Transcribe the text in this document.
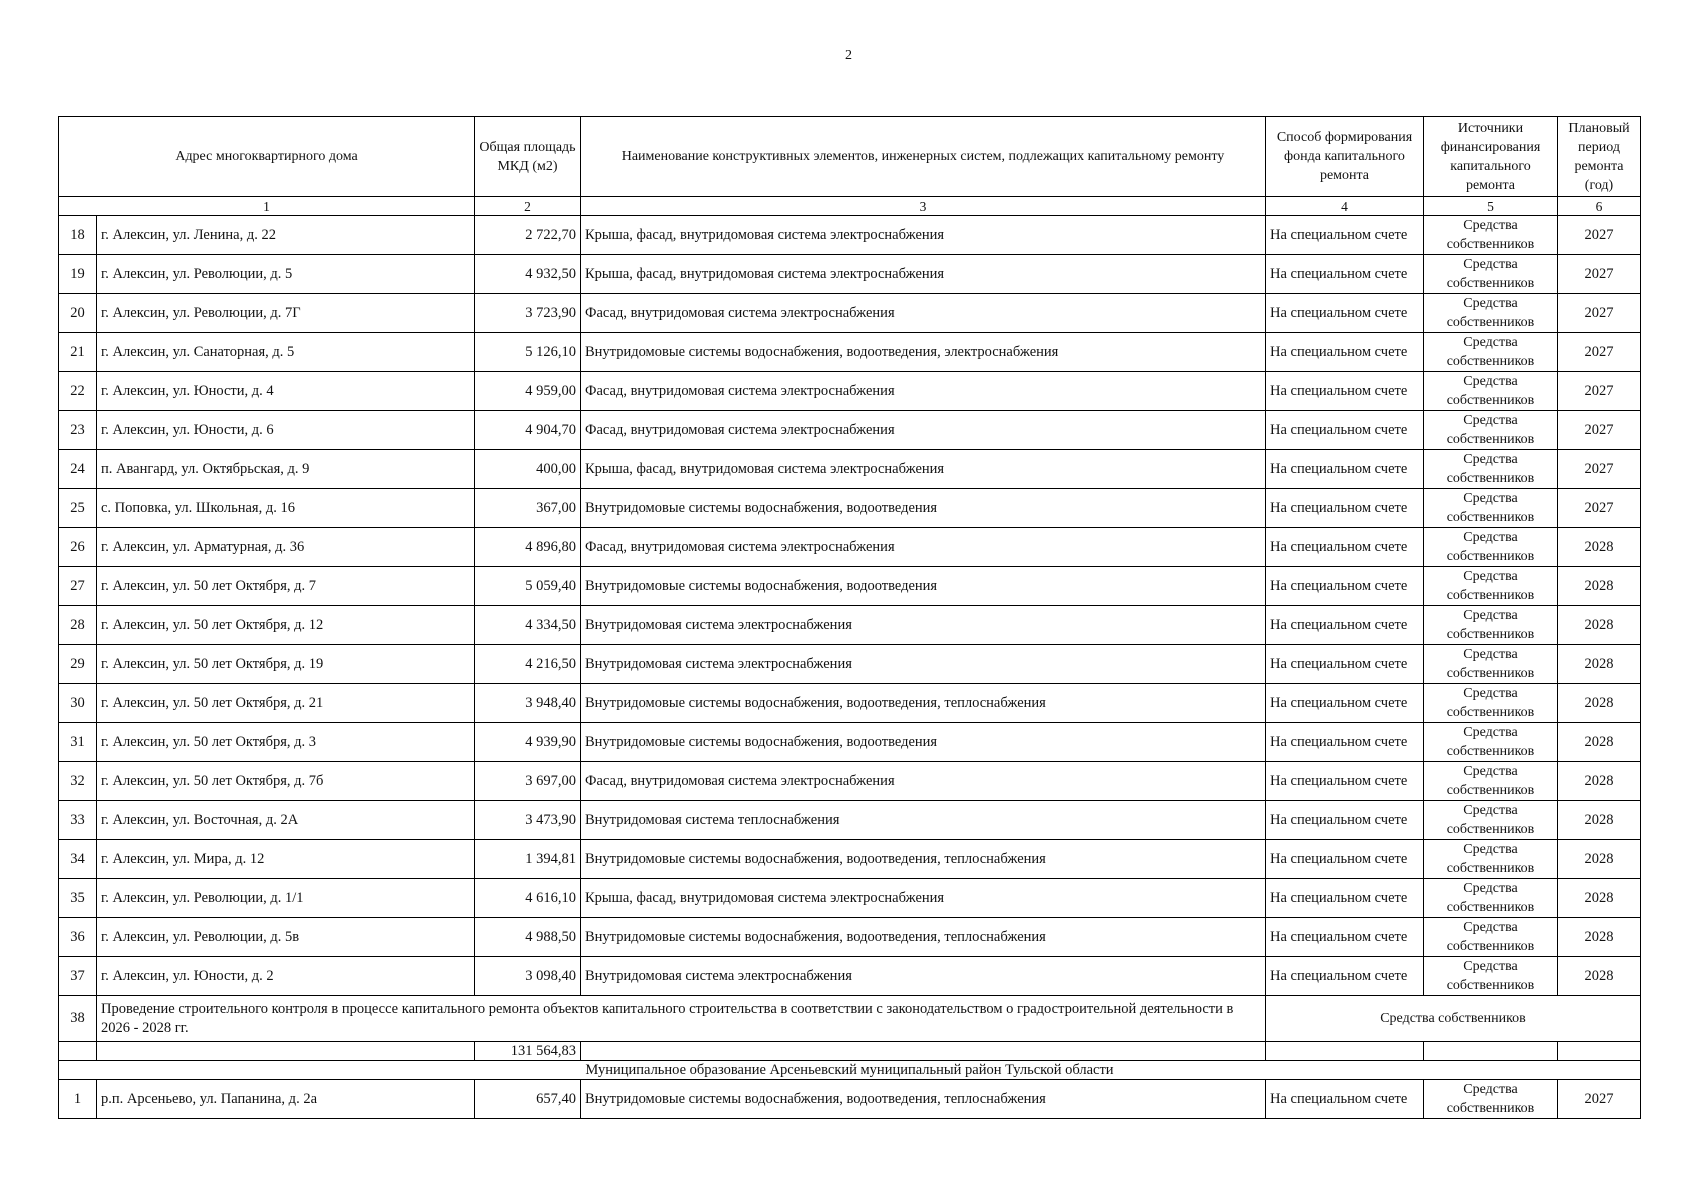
2
Адрес многоквартирного дома		Общая площадь МКД (м2)	Наименование конструктивных элементов, инженерных систем, подлежащих капитальному ремонту	Способ формирования фонда капитального ремонта	Источники финансирования капитального ремонта	Плановый период ремонта (год)
1		2	3	4	5	6
18	г. Алексин, ул. Ленина, д. 22	2 722,70	Крыша, фасад, внутридомовая система электроснабжения	На специальном счете	Средства собственников	2027
19	г. Алексин, ул. Революции, д. 5	4 932,50	Крыша, фасад, внутридомовая система электроснабжения	На специальном счете	Средства собственников	2027
20	г. Алексин, ул. Революции, д. 7Г	3 723,90	Фасад, внутридомовая система электроснабжения	На специальном счете	Средства собственников	2027
21	г. Алексин, ул. Санаторная, д. 5	5 126,10	Внутридомовые системы водоснабжения, водоотведения, электроснабжения	На специальном счете	Средства собственников	2027
22	г. Алексин, ул. Юности, д. 4	4 959,00	Фасад, внутридомовая система электроснабжения	На специальном счете	Средства собственников	2027
23	г. Алексин, ул. Юности, д. 6	4 904,70	Фасад, внутридомовая система электроснабжения	На специальном счете	Средства собственников	2027
24	п. Авангард, ул. Октябрьская, д. 9	400,00	Крыша, фасад, внутридомовая система электроснабжения	На специальном счете	Средства собственников	2027
25	с. Поповка, ул. Школьная, д. 16	367,00	Внутридомовые системы водоснабжения, водоотведения	На специальном счете	Средства собственников	2027
26	г. Алексин, ул. Арматурная, д. 36	4 896,80	Фасад, внутридомовая система электроснабжения	На специальном счете	Средства собственников	2028
27	г. Алексин, ул. 50 лет Октября, д. 7	5 059,40	Внутридомовые системы водоснабжения, водоотведения	На специальном счете	Средства собственников	2028
28	г. Алексин, ул. 50 лет Октября, д. 12	4 334,50	Внутридомовая система электроснабжения	На специальном счете	Средства собственников	2028
29	г. Алексин, ул. 50 лет Октября, д. 19	4 216,50	Внутридомовая система электроснабжения	На специальном счете	Средства собственников	2028
30	г. Алексин, ул. 50 лет Октября, д. 21	3 948,40	Внутридомовые системы водоснабжения, водоотведения, теплоснабжения	На специальном счете	Средства собственников	2028
31	г. Алексин, ул. 50 лет Октября, д. 3	4 939,90	Внутридомовые системы водоснабжения, водоотведения	На специальном счете	Средства собственников	2028
32	г. Алексин, ул. 50 лет Октября, д. 7б	3 697,00	Фасад, внутридомовая система электроснабжения	На специальном счете	Средства собственников	2028
33	г. Алексин, ул. Восточная, д. 2А	3 473,90	Внутридомовая система теплоснабжения	На специальном счете	Средства собственников	2028
34	г. Алексин, ул. Мира, д. 12	1 394,81	Внутридомовые системы водоснабжения, водоотведения, теплоснабжения	На специальном счете	Средства собственников	2028
35	г. Алексин, ул. Революции, д. 1/1	4 616,10	Крыша, фасад, внутридомовая система электроснабжения	На специальном счете	Средства собственников	2028
36	г. Алексин, ул. Революции, д. 5в	4 988,50	Внутридомовые системы водоснабжения, водоотведения, теплоснабжения	На специальном счете	Средства собственников	2028
37	г. Алексин, ул. Юности, д. 2	3 098,40	Внутридомовая система электроснабжения	На специальном счете	Средства собственников	2028
38	Проведение строительного контроля в процессе капитального ремонта объектов капитального строительства в соответствии с законодательством о градостроительной деятельности в 2026 - 2028 гг.			Средства собственников		
		131 564,83				
Муниципальное образование Арсеньевский муниципальный район Тульской области						
1	р.п. Арсеньево, ул. Папанина, д. 2а	657,40	Внутридомовые системы водоснабжения, водоотведения, теплоснабжения	На специальном счете	Средства собственников	2027
